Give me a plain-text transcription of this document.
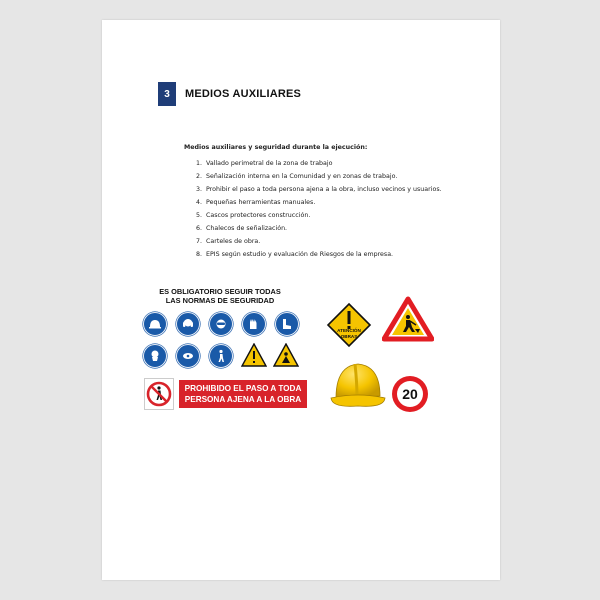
3	MEDIOS AUXILIARES
Medios auxiliares y seguridad durante la ejecución:
1. Vallado perimetral de la zona de trabajo
2. Señalización interna en la Comunidad y en zonas de trabajo.
3. Prohibir el paso a toda persona ajena a la obra, incluso vecinos y usuarios.
4. Pequeñas herramientas manuales.
5. Cascos protectores construcción.
6. Chalecos de señalización.
7. Carteles de obra.
8. EPIS según estudio y evaluación de Riesgos de la empresa.
ES OBLIGATORIO SEGUIR TODAS
LAS NORMAS DE SEGURIDAD
PROHIBIDO EL PASO A TODA
PERSONA AJENA A LA OBRA
ATENCIÓN
OBRAS
20
